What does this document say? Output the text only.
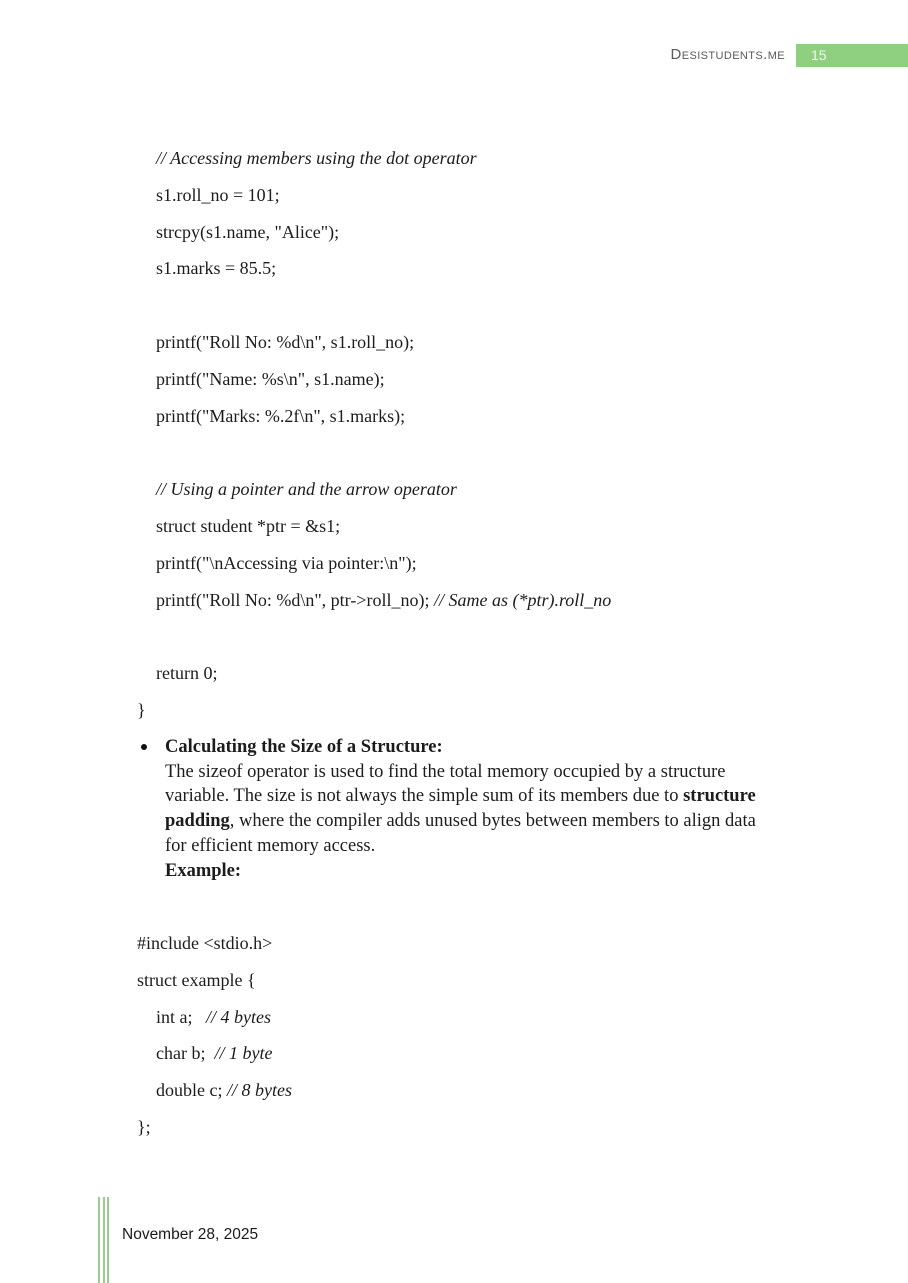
Desistudents.me	15
// Accessing members using the dot operator
s1.roll_no = 101;
strcpy(s1.name, "Alice");
s1.marks = 85.5;

printf("Roll No: %d\n", s1.roll_no);
printf("Name: %s\n", s1.name);
printf("Marks: %.2f\n", s1.marks);

// Using a pointer and the arrow operator
struct student *ptr = &s1;
printf("\nAccessing via pointer:\n");
printf("Roll No: %d\n", ptr->roll_no); // Same as (*ptr).roll_no

return 0;
}
Calculating the Size of a Structure:
The sizeof operator is used to find the total memory occupied by a structure
variable. The size is not always the simple sum of its members due to structure
padding, where the compiler adds unused bytes between members to align data
for efficient memory access.
Example:
#include <stdio.h>
struct example {
int a;   // 4 bytes
char b;  // 1 byte
double c; // 8 bytes
};
November 28, 2025
